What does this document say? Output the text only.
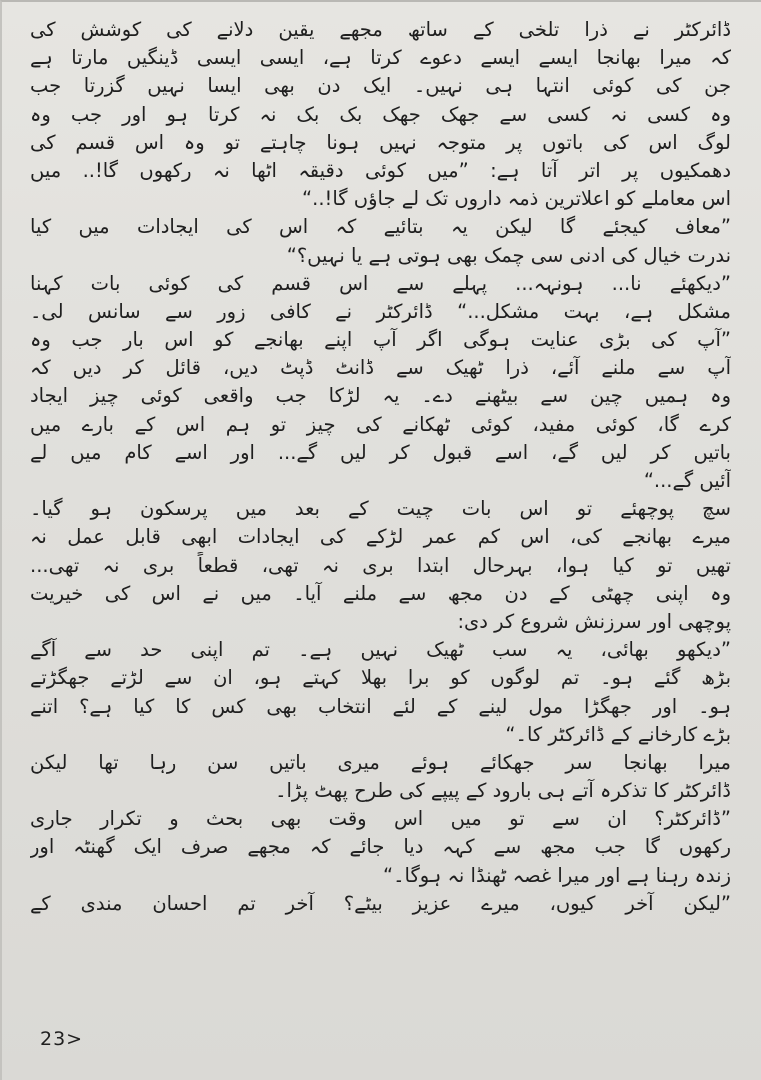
ڈائرکٹر نے ذرا تلخی کے ساتھ مجھے یقین دلانے کی کوشش کی
کہ میرا بھانجا ایسے ایسے دعوے کرتا ہے، ایسی ایسی ڈینگیں مارتا ہے
جن کی کوئی انتہا ہی نہیں۔ ایک دن بھی ایسا نہیں گزرتا جب
وہ کسی نہ کسی سے جھک جھک بک بک نہ کرتا ہو اور جب وہ
لوگ اس کی باتوں پر متوجہ نہیں ہونا چاہتے تو وہ اس قسم کی
دھمکیوں پر اتر آتا ہے: ”میں کوئی دقیقہ اٹھا نہ رکھوں گا!.. میں
اس معاملے کو اعلاترین ذمہ داروں تک لے جاؤں گا!..“
”معاف کیجئے گا لیکن یہ بتائیے کہ اس کی ایجادات میں کیا
ندرت خیال کی ادنی سی چمک بھی ہوتی ہے یا نہیں؟“
”دیکھئے نا... ہونہہ... پہلے سے اس قسم کی کوئی بات کہنا
مشکل ہے، بہت مشکل...“ ڈائرکٹر نے کافی زور سے سانس لی۔
”آپ کی بڑی عنایت ہوگی اگر آپ اپنے بھانجے کو اس بار جب وہ
آپ سے ملنے آئے، ذرا ٹھیک سے ڈانٹ ڈپٹ دیں، قائل کر دیں کہ
وہ ہمیں چین سے بیٹھنے دے۔ یہ لڑکا جب واقعی کوئی چیز ایجاد
کرے گا، کوئی مفید، کوئی ٹھکانے کی چیز تو ہم اس کے بارے میں
باتیں کر لیں گے، اسے قبول کر لیں گے... اور اسے کام میں لے
آئیں گے...“
سچ پوچھئے تو اس بات چیت کے بعد میں پرسکون ہو گیا۔
میرے بھانجے کی، اس کم عمر لڑکے کی ایجادات ابھی قابل عمل نہ
تھیں تو کیا ہوا، بہرحال ابتدا بری نہ تھی، قطعاً بری نہ تھی...
وہ اپنی چھٹی کے دن مجھ سے ملنے آیا۔ میں نے اس کی خیریت
پوچھی اور سرزنش شروع کر دی:
”دیکھو بھائی، یہ سب ٹھیک نہیں ہے۔ تم اپنی حد سے آگے
بڑھ گئے ہو۔ تم لوگوں کو برا بھلا کہتے ہو، ان سے لڑتے جھگڑتے
ہو۔ اور جھگڑا مول لینے کے لئے انتخاب بھی کس کا کیا ہے؟ اتنے
بڑے کارخانے کے ڈائرکٹر کا۔“
میرا بھانجا سر جھکائے ہوئے میری باتیں سن رہا تھا لیکن
ڈائرکٹر کا تذکرہ آتے ہی بارود کے پیپے کی طرح پھٹ پڑا۔
”ڈائرکٹر؟ ان سے تو میں اس وقت بھی بحث و تکرار جاری
رکھوں گا جب مجھ سے کہہ دیا جائے کہ مجھے صرف ایک گھنٹہ اور
زندہ رہنا ہے اور میرا غصہ ٹھنڈا نہ ہوگا۔“
”لیکن آخر کیوں، میرے عزیز بیٹے؟ آخر تم احسان مندی کے
23>
